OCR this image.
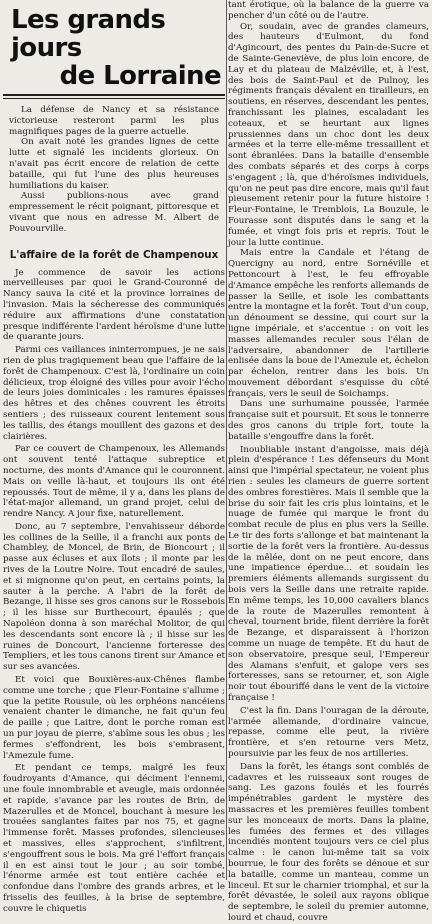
Les grands jours
de Lorraine

La défense de Nancy et sa résistance victorieuse resteront parmi les plus magnifiques pages de la guerre actuelle.

On avait noté les grandes lignes de cette lutte et signalé les incidents glorieux. On n'avait pas écrit encore de relation de cette bataille, qui fut l'une des plus heureuses humiliations du kaiser.

Aussi publions-nous avec grand empressement le récit poignant, pittoresque et vivant que nous en adresse M. Albert de Pouvourville.

L'affaire de la forêt de Champenoux

Je commence de savoir les actions merveilleuses par quoi le Grand-Couronné de Nancy sauva la cité et la province lorraines de l'invasion. Mais la sécheresse des communiqués réduire aux affirmations d'une constatation presque indifférente l'ardent héroïsme d'une lutte de quarante jours.

Parmi ces vaillances ininterrompues, je ne sais rien de plus tragiquement beau que l'affaire de la forêt de Champenoux. C'est là, l'ordinaire un coin délicieux, trop éloigné des villes pour avoir l'écho de leurs joies dominicales : les ramures épaisses des hêtres et des chênes couvrent les étroits sentiers ; des ruisseaux courent lentement sous les taillis, des étangs mouillent des gazons et des clairières.

Par ce couvert de Champenoux, les Allemands ont souvent tenté l'attaque subreptice et nocturne, des monts d'Amance qui le couronnent. Mais on veille là-haut, et toujours ils ont été repoussés. Tout de même, il y a, dans les plans de l'état-major allemand, un grand projet, celui de rendre Nancy. A jour fixe, naturellement.

Donc, au 7 septembre, l'envahisseur déborde les collines de la Seille, il a franchi aux ponts de Chambley, de Moncel, de Brin, de Bioncourt ; il passe aux écluses et aux îlots ; il monte par les rives de la Loutre Noire. Tout encadré de saules, et si mignonne qu'on peut, en certains points, la sauter à la perche. A l'abri de la forêt de Bezange, il hisse ses gros canons sur le Rossebois ; il les hisse sur Burthecourt, épaulés ; que Napoléon donna à son maréchal Molitor, de qui les descendants sont encore là ; il hisse sur les ruines de Doncourt, l'ancienne forteresse des Templiers, et les tous canons tirent sur Amance et sur ses avancées.

Et voici que Bouxières-aux-Chênes flambe comme une torche ; que Fleur-Fontaine s'allume ; que la petite Rousule, où les orphéons nancéiens venaient chanter le dimanche, ne fait qu'un feu de paille ; que Laitre, dont le porche roman est un pur joyau de pierre, s'abîme sous les obus ; les fermes s'effondrent, les bois s'embrasent, l'Amezule fume.

Et pendant ce temps, malgré les feux foudroyants d'Amance, qui déciment l'ennemi, une foule innombrable et aveugle, mais ordonnée et rapide, s'avance par les routes de Brin, de Mazerulles et de Moncel, bouchant à mesure les trouées sanglantes faites par nos 75, et gagne l'immense forêt. Masses profondes, silencieuses et massives, elles s'approchent, s'infiltrent, s'engouffrent sous le bois. Ma gré l'effort français il en est ainsi tout le jour ; au soir tombé, l'énorme armée est tout entière cachée et confondue dans l'ombre des grands arbres, et le frisselis des feuilles, à la brise de septembre, couvre le chiquetis

tant érotique, où la balance de la guerre va pencher d'un côté ou de l'autre.

Or, soudain, avec de grandes clameurs, des hauteurs d'Eulmont, du fond d'Agincourt, des pentes du Pain-de-Sucre et de Sainte-Geneviève, de plus loin encore, de Lay et du plateau de Malzéville, et, à l'est, des bois de Saint-Paul et de Pulnoy, les régiments français dévalent en tirailleurs, en soutiens, en réserves, descendant les pentes, franchissant les plaines, escaladant les coteaux, et se heurtant aux lignes prussiennes dans un choc dont les deux armées et la terre elle-même tressaillent et sont ébranlées. Dans la bataille d'ensemble des combats séparés et des corps à corps s'engagent ; là, que d'héroïsmes individuels, qu'on ne peut pas dire encore, mais qu'il faut pieusement retenir pour la future histoire ! Fleur-Fontaine, le Tremblois, La Bouzule, le Fourasse sont disputés dans le sang et la fumée, et vingt fois pris et repris. Tout le jour la lutte continue.

Mais entre la Candale et l'étang de Quercigny au nord, entre Sornéville et Pettoncourt à l'est, le feu effroyable d'Amance empêche les renforts allemands de passer la Seille, et isole les combattants entre la montagne et la forêt. Tout d'un coup, un dénoument se dessine, qui court sur la ligne impériale, et s'accentue : on voit les masses allemandes reculer sous l'élan de l'adversaire, abandonner de l'artillerie enlisée dans la boue de l'Amezule et, échelon par échelon, rentrer dans les bois. Un mouvement débordant s'esquisse du côté français, vers le seuil de Soichamps.

Dans une surhumaine poussée, l'armée française suit et poursuit. Et sous le tonnerre des gros canons du triple fort, toute la bataille s'engouffre dans la forêt.

Inoubliable instant d'angoisse, mais déjà plein d'espérance ! Les défenseurs du Mont ainsi que l'impérial spectateur, ne voient plus rien : seules les clameurs de guerre sortent des ombres forestières. Mais il semble que la brise du soir fait les cris plus lointains, et le nuage de fumée qui marque le front du combat recule de plus en plus vers la Seille. Le tir des forts s'allonge et bat maintenant la sortie de la forêt vers la frontière. Au-dessus de la mêlée, dont on ne peut encore, dans une impatience éperdue... et soudain les premiers éléments allemands surgissent du bois vers la Seille dans une retraite rapide. En même temps, les 10,000 cavaliers blancs de la route de Mazerulles remontent à cheval, tournent bride, filent derrière la forêt de Bezange, et disparaissent à l'horizon comme un nuage de tempête. Et du haut de son observatoire, presque seul, l'Empereur des Alamans s'enfuit, et galope vers ses forteresses, sans se retourner, et, son Aigle noir tout ébouriffé dans le vent de la victoire française !

C'est la fin. Dans l'ouragan de la déroute, l'armée allemande, d'ordinaire vaincue, repasse, comme elle peut, la rivière frontière, et s'en retourne vers Metz, poursuivie par les feux de nos artilleries.

Dans la forêt, les étangs sont comblés de cadavres et les ruisseaux sont rouges de sang. Les gazons foulés et les fourrés impénétrables gardent le mystère des massacres et les premières feuilles tombent sur les monceaux de morts. Dans la plaine, les fumées des fermes et des villages incendiés montent toujours vers ce ciel plus calme : le canon lui-même tait sa voix bourrue, le four des forêts se dénoue et sur la bataille, comme un manteau, comme un linceul. Et sur le charnier triomphal, et sur la forêt dévastée, le soleil aux rayons oblique de septembre, le soleil du premier automne, lourd et chaud, couvre
